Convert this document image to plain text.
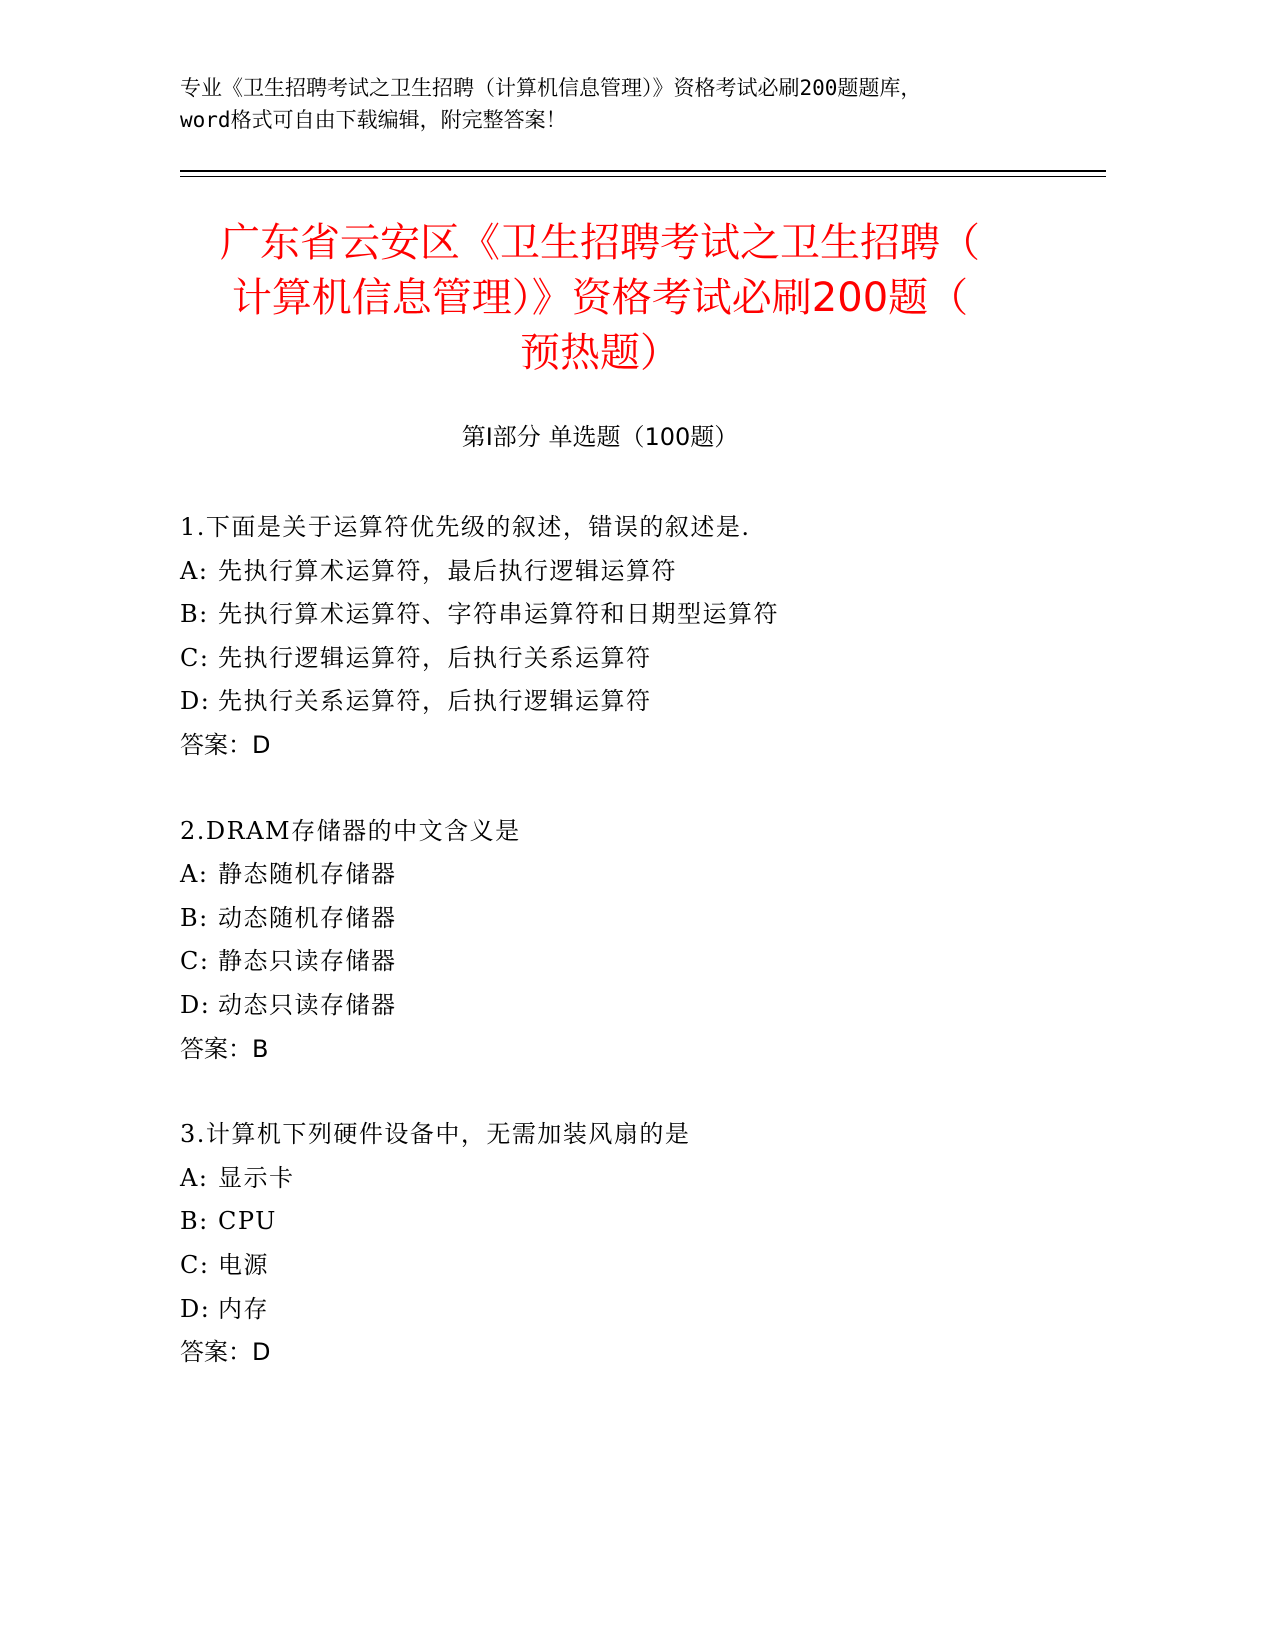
专业《卫生招聘考试之卫生招聘（计算机信息管理）》资格考试必刷200题题库，
word格式可自由下载编辑，附完整答案！
广东省云安区《卫生招聘考试之卫生招聘（
计算机信息管理）》资格考试必刷200题（
预热题）
第Ⅰ部分 单选题（100题）
1.下面是关于运算符优先级的叙述，错误的叙述是.
A: 先执行算术运算符，最后执行逻辑运算符
B: 先执行算术运算符、字符串运算符和日期型运算符
C: 先执行逻辑运算符，后执行关系运算符
D: 先执行关系运算符，后执行逻辑运算符
答案：D
2.DRAM存储器的中文含义是
A: 静态随机存储器
B: 动态随机存储器
C: 静态只读存储器
D: 动态只读存储器
答案：B
3.计算机下列硬件设备中，无需加装风扇的是
A: 显示卡
B: CPU
C: 电源
D: 内存
答案：D
